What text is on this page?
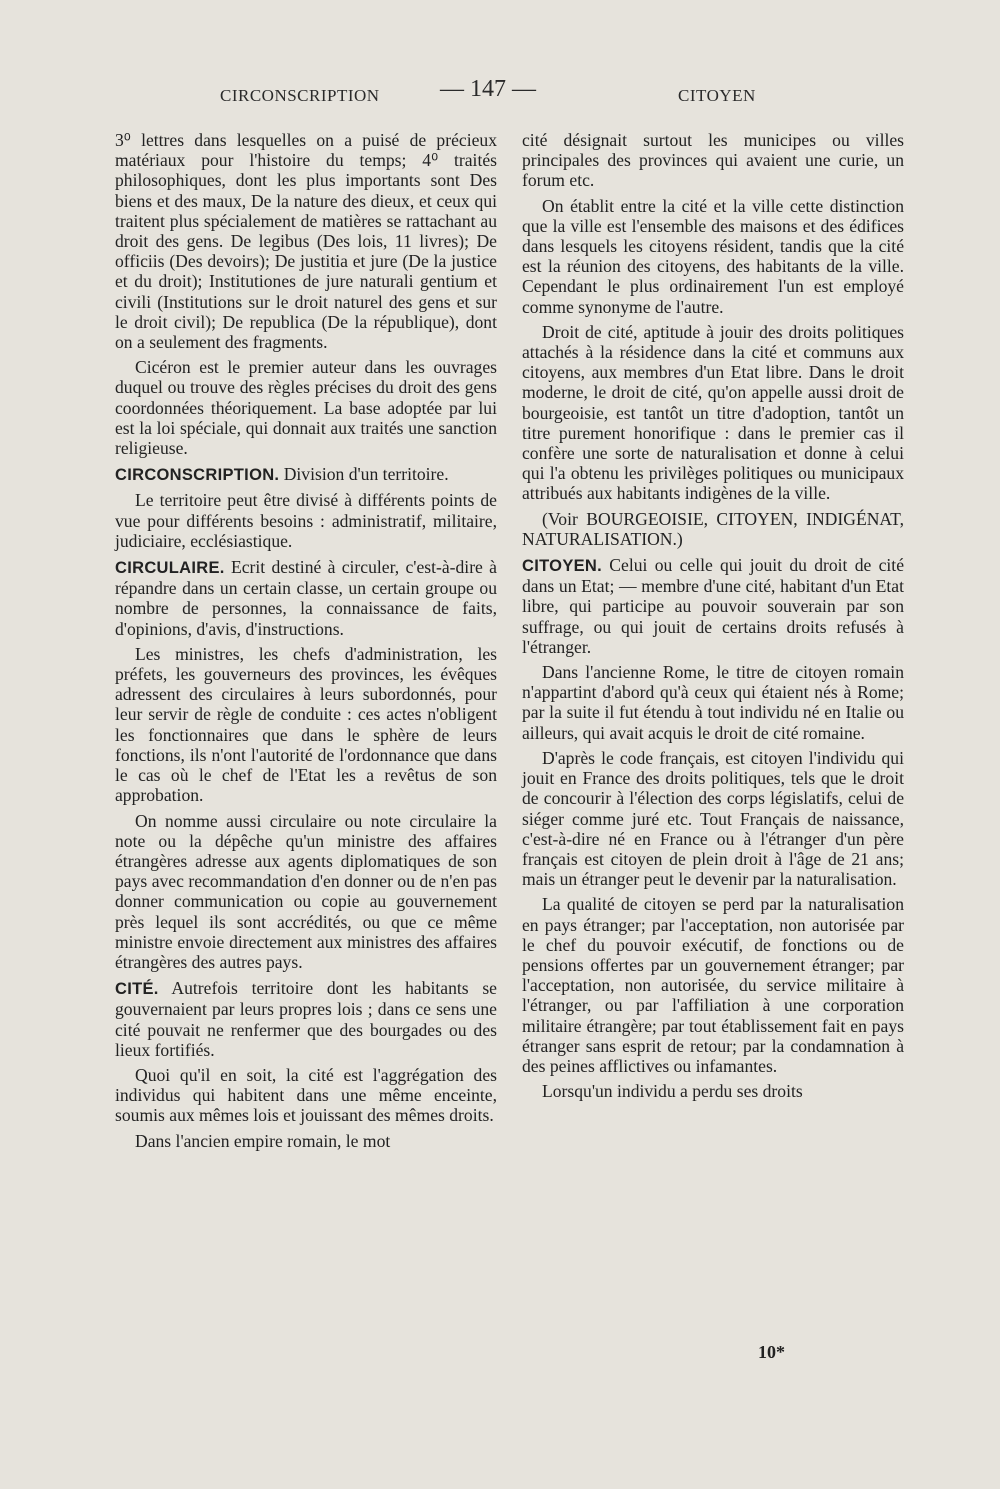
CIRCONSCRIPTION	— 147 —	CITOYEN

3⁰ lettres dans lesquelles on a puisé de précieux matériaux pour l'histoire du temps; 4⁰ traités philosophiques, dont les plus importants sont Des biens et des maux, De la nature des dieux, et ceux qui traitent plus spécialement de matières se rattachant au droit des gens. De legibus (Des lois, 11 livres); De officiis (Des devoirs); De justitia et jure (De la justice et du droit); Institutiones de jure naturali gentium et civili (Institutions sur le droit naturel des gens et sur le droit civil); De republica (De la république), dont on a seulement des fragments.

Cicéron est le premier auteur dans les ouvrages duquel ou trouve des règles précises du droit des gens coordonnées théoriquement. La base adoptée par lui est la loi spéciale, qui donnait aux traités une sanction religieuse.

CIRCONSCRIPTION. Division d'un territoire.

Le territoire peut être divisé à différents points de vue pour différents besoins : administratif, militaire, judiciaire, ecclésiastique.

CIRCULAIRE. Ecrit destiné à circuler, c'est-à-dire à répandre dans un certain classe, un certain groupe ou nombre de personnes, la connaissance de faits, d'opinions, d'avis, d'instructions.

Les ministres, les chefs d'administration, les préfets, les gouverneurs des provinces, les évêques adressent des circulaires à leurs subordonnés, pour leur servir de règle de conduite : ces actes n'obligent les fonctionnaires que dans le sphère de leurs fonctions, ils n'ont l'autorité de l'ordonnance que dans le cas où le chef de l'Etat les a revêtus de son approbation.

On nomme aussi circulaire ou note circulaire la note ou la dépêche qu'un ministre des affaires étrangères adresse aux agents diplomatiques de son pays avec recommandation d'en donner ou de n'en pas donner communication ou copie au gouvernement près lequel ils sont accrédités, ou que ce même ministre envoie directement aux ministres des affaires étrangères des autres pays.

CITÉ. Autrefois territoire dont les habitants se gouvernaient par leurs propres lois ; dans ce sens une cité pouvait ne renfermer que des bourgades ou des lieux fortifiés.

Quoi qu'il en soit, la cité est l'aggrégation des individus qui habitent dans une même enceinte, soumis aux mêmes lois et jouissant des mêmes droits.

Dans l'ancien empire romain, le mot

cité désignait surtout les municipes ou villes principales des provinces qui avaient une curie, un forum etc.

On établit entre la cité et la ville cette distinction que la ville est l'ensemble des maisons et des édifices dans lesquels les citoyens résident, tandis que la cité est la réunion des citoyens, des habitants de la ville. Cependant le plus ordinairement l'un est employé comme synonyme de l'autre.

Droit de cité, aptitude à jouir des droits politiques attachés à la résidence dans la cité et communs aux citoyens, aux membres d'un Etat libre. Dans le droit moderne, le droit de cité, qu'on appelle aussi droit de bourgeoisie, est tantôt un titre d'adoption, tantôt un titre purement honorifique : dans le premier cas il confère une sorte de naturalisation et donne à celui qui l'a obtenu les privilèges politiques ou municipaux attribués aux habitants indigènes de la ville.

(Voir BOURGEOISIE, CITOYEN, INDIGÉNAT, NATURALISATION.)

CITOYEN. Celui ou celle qui jouit du droit de cité dans un Etat; — membre d'une cité, habitant d'un Etat libre, qui participe au pouvoir souverain par son suffrage, ou qui jouit de certains droits refusés à l'étranger.

Dans l'ancienne Rome, le titre de citoyen romain n'appartint d'abord qu'à ceux qui étaient nés à Rome; par la suite il fut étendu à tout individu né en Italie ou ailleurs, qui avait acquis le droit de cité romaine.

D'après le code français, est citoyen l'individu qui jouit en France des droits politiques, tels que le droit de concourir à l'élection des corps législatifs, celui de siéger comme juré etc. Tout Français de naissance, c'est-à-dire né en France ou à l'étranger d'un père français est citoyen de plein droit à l'âge de 21 ans; mais un étranger peut le devenir par la naturalisation.

La qualité de citoyen se perd par la naturalisation en pays étranger; par l'acceptation, non autorisée par le chef du pouvoir exécutif, de fonctions ou de pensions offertes par un gouvernement étranger; par l'acceptation, non autorisée, du service militaire à l'étranger, ou par l'affiliation à une corporation militaire étrangère; par tout établissement fait en pays étranger sans esprit de retour; par la condamnation à des peines afflictives ou infamantes.

Lorsqu'un individu a perdu ses droits

10*
